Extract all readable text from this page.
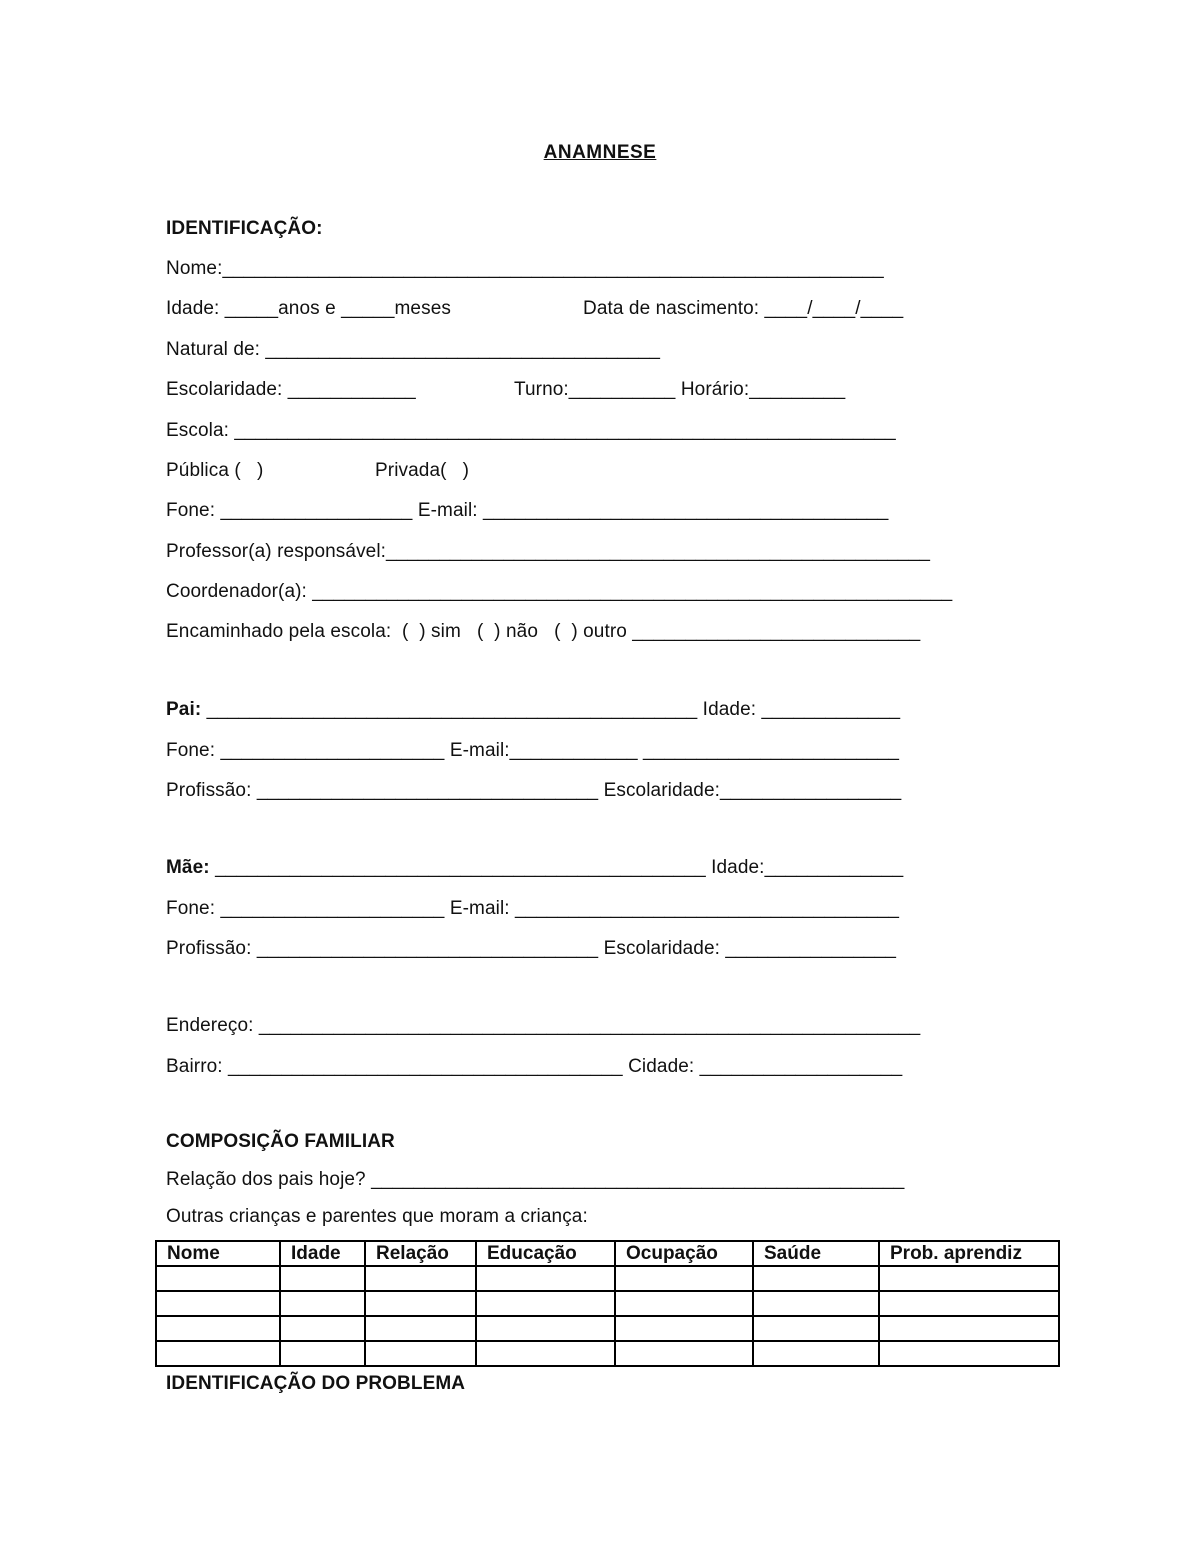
ANAMNESE
IDENTIFICAÇÃO:
Nome:______________________________________________________________
Idade: _____anos e _____meses	Data de nascimento: ____/____/____
Natural de: _____________________________________
Escolaridade: ____________	Turno:__________ Horário:_________
Escola: ______________________________________________________________
Pública (   )	Privada(   )
Fone: __________________ E-mail: ______________________________________
Professor(a) responsável:___________________________________________________
Coordenador(a): ____________________________________________________________
Encaminhado pela escola:  (  ) sim   (  ) não   (  ) outro ___________________________
Pai: ______________________________________________ Idade: _____________
Fone: _____________________ E-mail:____________ ________________________
Profissão: ________________________________ Escolaridade:_________________
Mãe: ______________________________________________ Idade:_____________
Fone: _____________________ E-mail: ____________________________________
Profissão: ________________________________ Escolaridade: ________________
Endereço: ______________________________________________________________
Bairro: _____________________________________ Cidade: ___________________
COMPOSIÇÃO FAMILIAR
Relação dos pais hoje? __________________________________________________
Outras crianças e parentes que moram a criança:
Nome	Idade	Relação	Educação	Ocupação	Saúde	Prob. aprendiz

IDENTIFICAÇÃO DO PROBLEMA
